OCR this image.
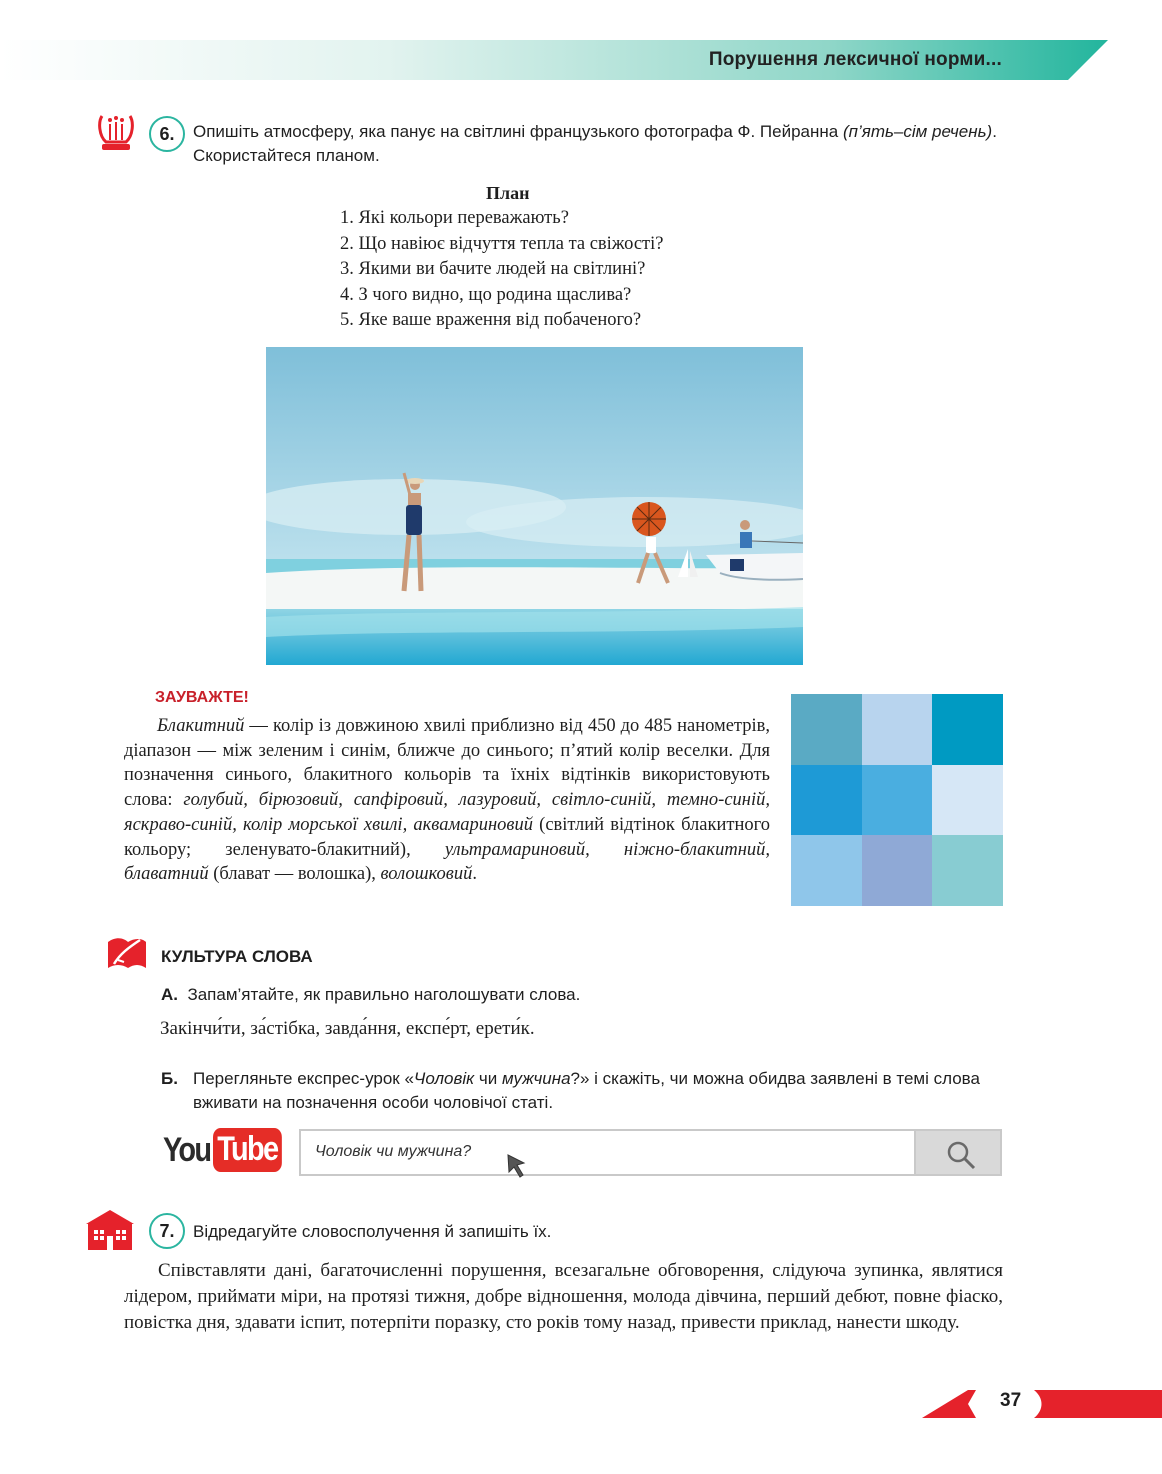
Порушення лексичної норми...
6.	Опишіть атмосферу, яка панує на світлині французького фотографа Ф. Пейранна (п’ять–сім речень). Скористайтеся планом.
План
1. Які кольори переважають?
2. Що навіює відчуття тепла та свіжості?
3. Якими ви бачите людей на світлині?
4. З чого видно, що родина щаслива?
5. Яке ваше враження від побаченого?
ЗАУВАЖТЕ!

Блакитний — колір із довжиною хвилі приблизно від 450 до 485 нанометрів, діапазон — між зеленим і синім, ближче до синього; п’ятий колір веселки. Для позначення синього, блакитного кольорів та їхніх відтінків використовують слова: голубий, бірюзовий, сапфіровий, лазуровий, світло-синій, темно-синій, яскраво-синій, колір морської хвилі, аквамариновий (світлий відтінок блакитного кольору; зеленувато-блакитний), ультрамариновий, ніжно-блакитний, блаватний (блават — волошка), волошковий.

КУЛЬТУРА СЛОВА
А. Запам’ятайте, як правильно наголошувати слова.
Закінчи́ти, за́стібка, завда́ння, експе́рт, ерети́к.
Б. Перегляньте експрес-урок «Чоловік чи мужчина?» і скажіть, чи можна обидва заявлені в темі слова вживати на позначення особи чоловічої статі.
You Tube Чоловік чи мужчина?
7.	Відредагуйте словосполучення й запишіть їх.
Співставляти дані, багаточисленні порушення, всезагальне обговорення, слідуюча зупинка, являтися лідером, приймати міри, на протязі тижня, добре відношення, молода дівчина, перший дебют, повне фіаско, повістка дня, здавати іспит, потерпіти поразку, сто років тому назад, привести приклад, нанести шкоду.
37
